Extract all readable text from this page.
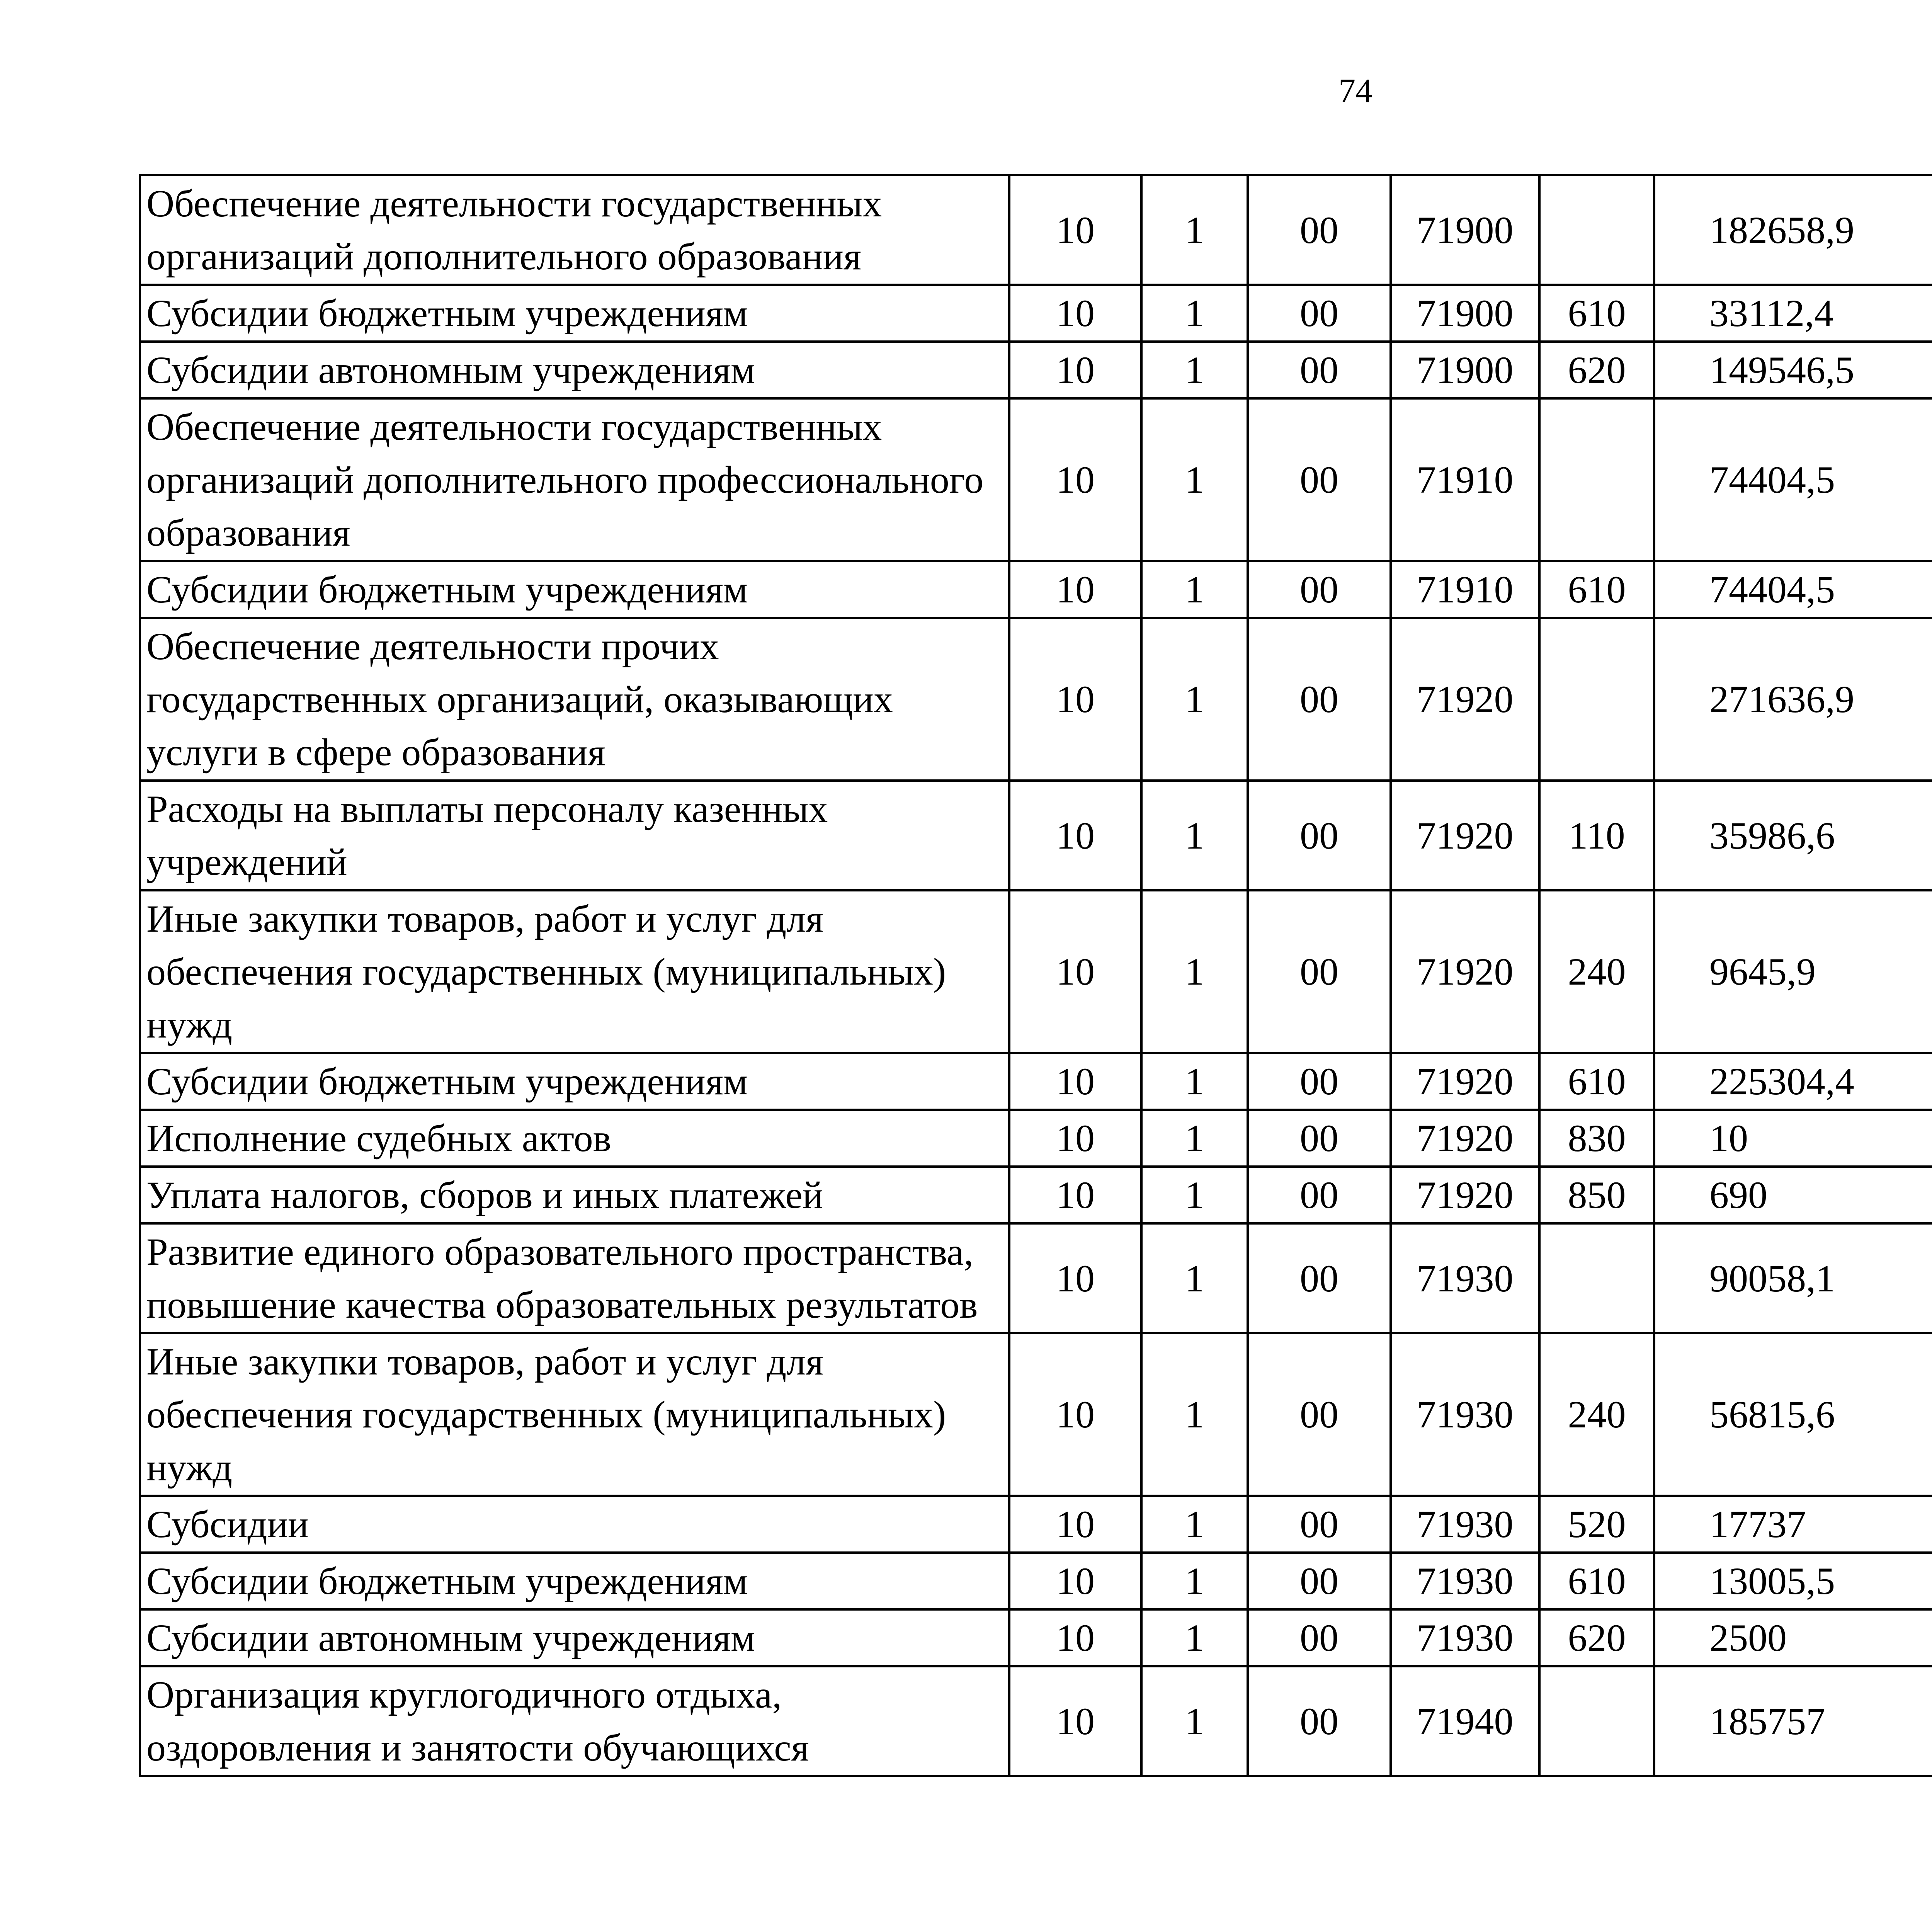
74
Обеспечение деятельности государственных организаций дополнительного образования	10	1	00	71900		182658,9		
Субсидии бюджетным учреждениям	10	1	00	71900	610	33112,4		
Субсидии автономным учреждениям	10	1	00	71900	620	149546,5		
Обеспечение деятельности государственных организаций дополнительного профессионального образования	10	1	00	71910		74404,5		
Субсидии бюджетным учреждениям	10	1	00	71910	610	74404,5		
Обеспечение деятельности прочих государственных организаций, оказывающих услуги в сфере образования	10	1	00	71920		271636,9		
Расходы на выплаты персоналу казенных учреждений	10	1	00	71920	110	35986,6		
Иные закупки товаров, работ и услуг для обеспечения государственных (муниципальных) нужд	10	1	00	71920	240	9645,9		
Субсидии бюджетным учреждениям	10	1	00	71920	610	225304,4		
Исполнение судебных актов	10	1	00	71920	830	10		
Уплата налогов, сборов и иных платежей	10	1	00	71920	850	690		
Развитие единого образовательного пространства, повышение качества образовательных результатов	10	1	00	71930		90058,1		
Иные закупки товаров, работ и услуг для обеспечения государственных (муниципальных) нужд	10	1	00	71930	240	56815,6		
Субсидии	10	1	00	71930	520	17737		
Субсидии бюджетным учреждениям	10	1	00	71930	610	13005,5		
Субсидии автономным учреждениям	10	1	00	71930	620	2500		
Организация круглогодичного отдыха, оздоровления и занятости обучающихся	10	1	00	71940		185757		
